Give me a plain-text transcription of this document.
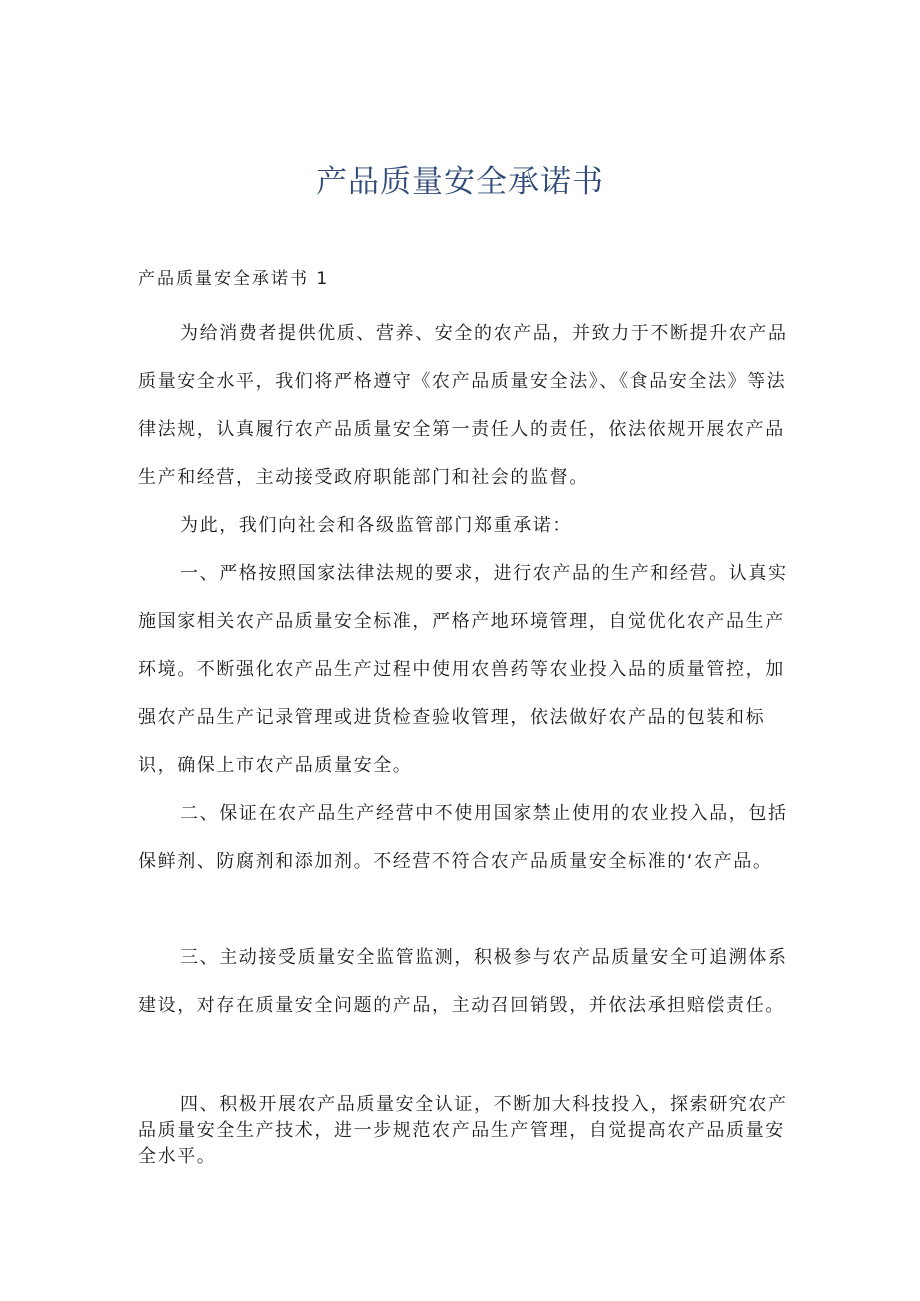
产品质量安全承诺书
产品质量安全承诺书 1

为给消费者提供优质、营养、安全的农产品，并致力于不断提升农产品质量安全水平，我们将严格遵守《农产品质量安全法》、《食品安全法》等法律法规，认真履行农产品质量安全第一责任人的责任，依法依规开展农产品生产和经营，主动接受政府职能部门和社会的监督。

为此，我们向社会和各级监管部门郑重承诺：

一、严格按照国家法律法规的要求，进行农产品的生产和经营。认真实施国家相关农产品质量安全标准，严格产地环境管理，自觉优化农产品生产环境。不断强化农产品生产过程中使用农兽药等农业投入品的质量管控，加强农产品生产记录管理或进货检查验收管理，依法做好农产品的包装和标识，确保上市农产品质量安全。

二、保证在农产品生产经营中不使用国家禁止使用的农业投入品，包括保鲜剂、防腐剂和添加剂。不经营不符合农产品质量安全标准的‘农产品。

三、主动接受质量安全监管监测，积极参与农产品质量安全可追溯体系建设，对存在质量安全问题的产品，主动召回销毁，并依法承担赔偿责任。

四、积极开展农产品质量安全认证，不断加大科技投入，探索研究农产品质量安全生产技术，进一步规范农产品生产管理，自觉提高农产品质量安全水平。
